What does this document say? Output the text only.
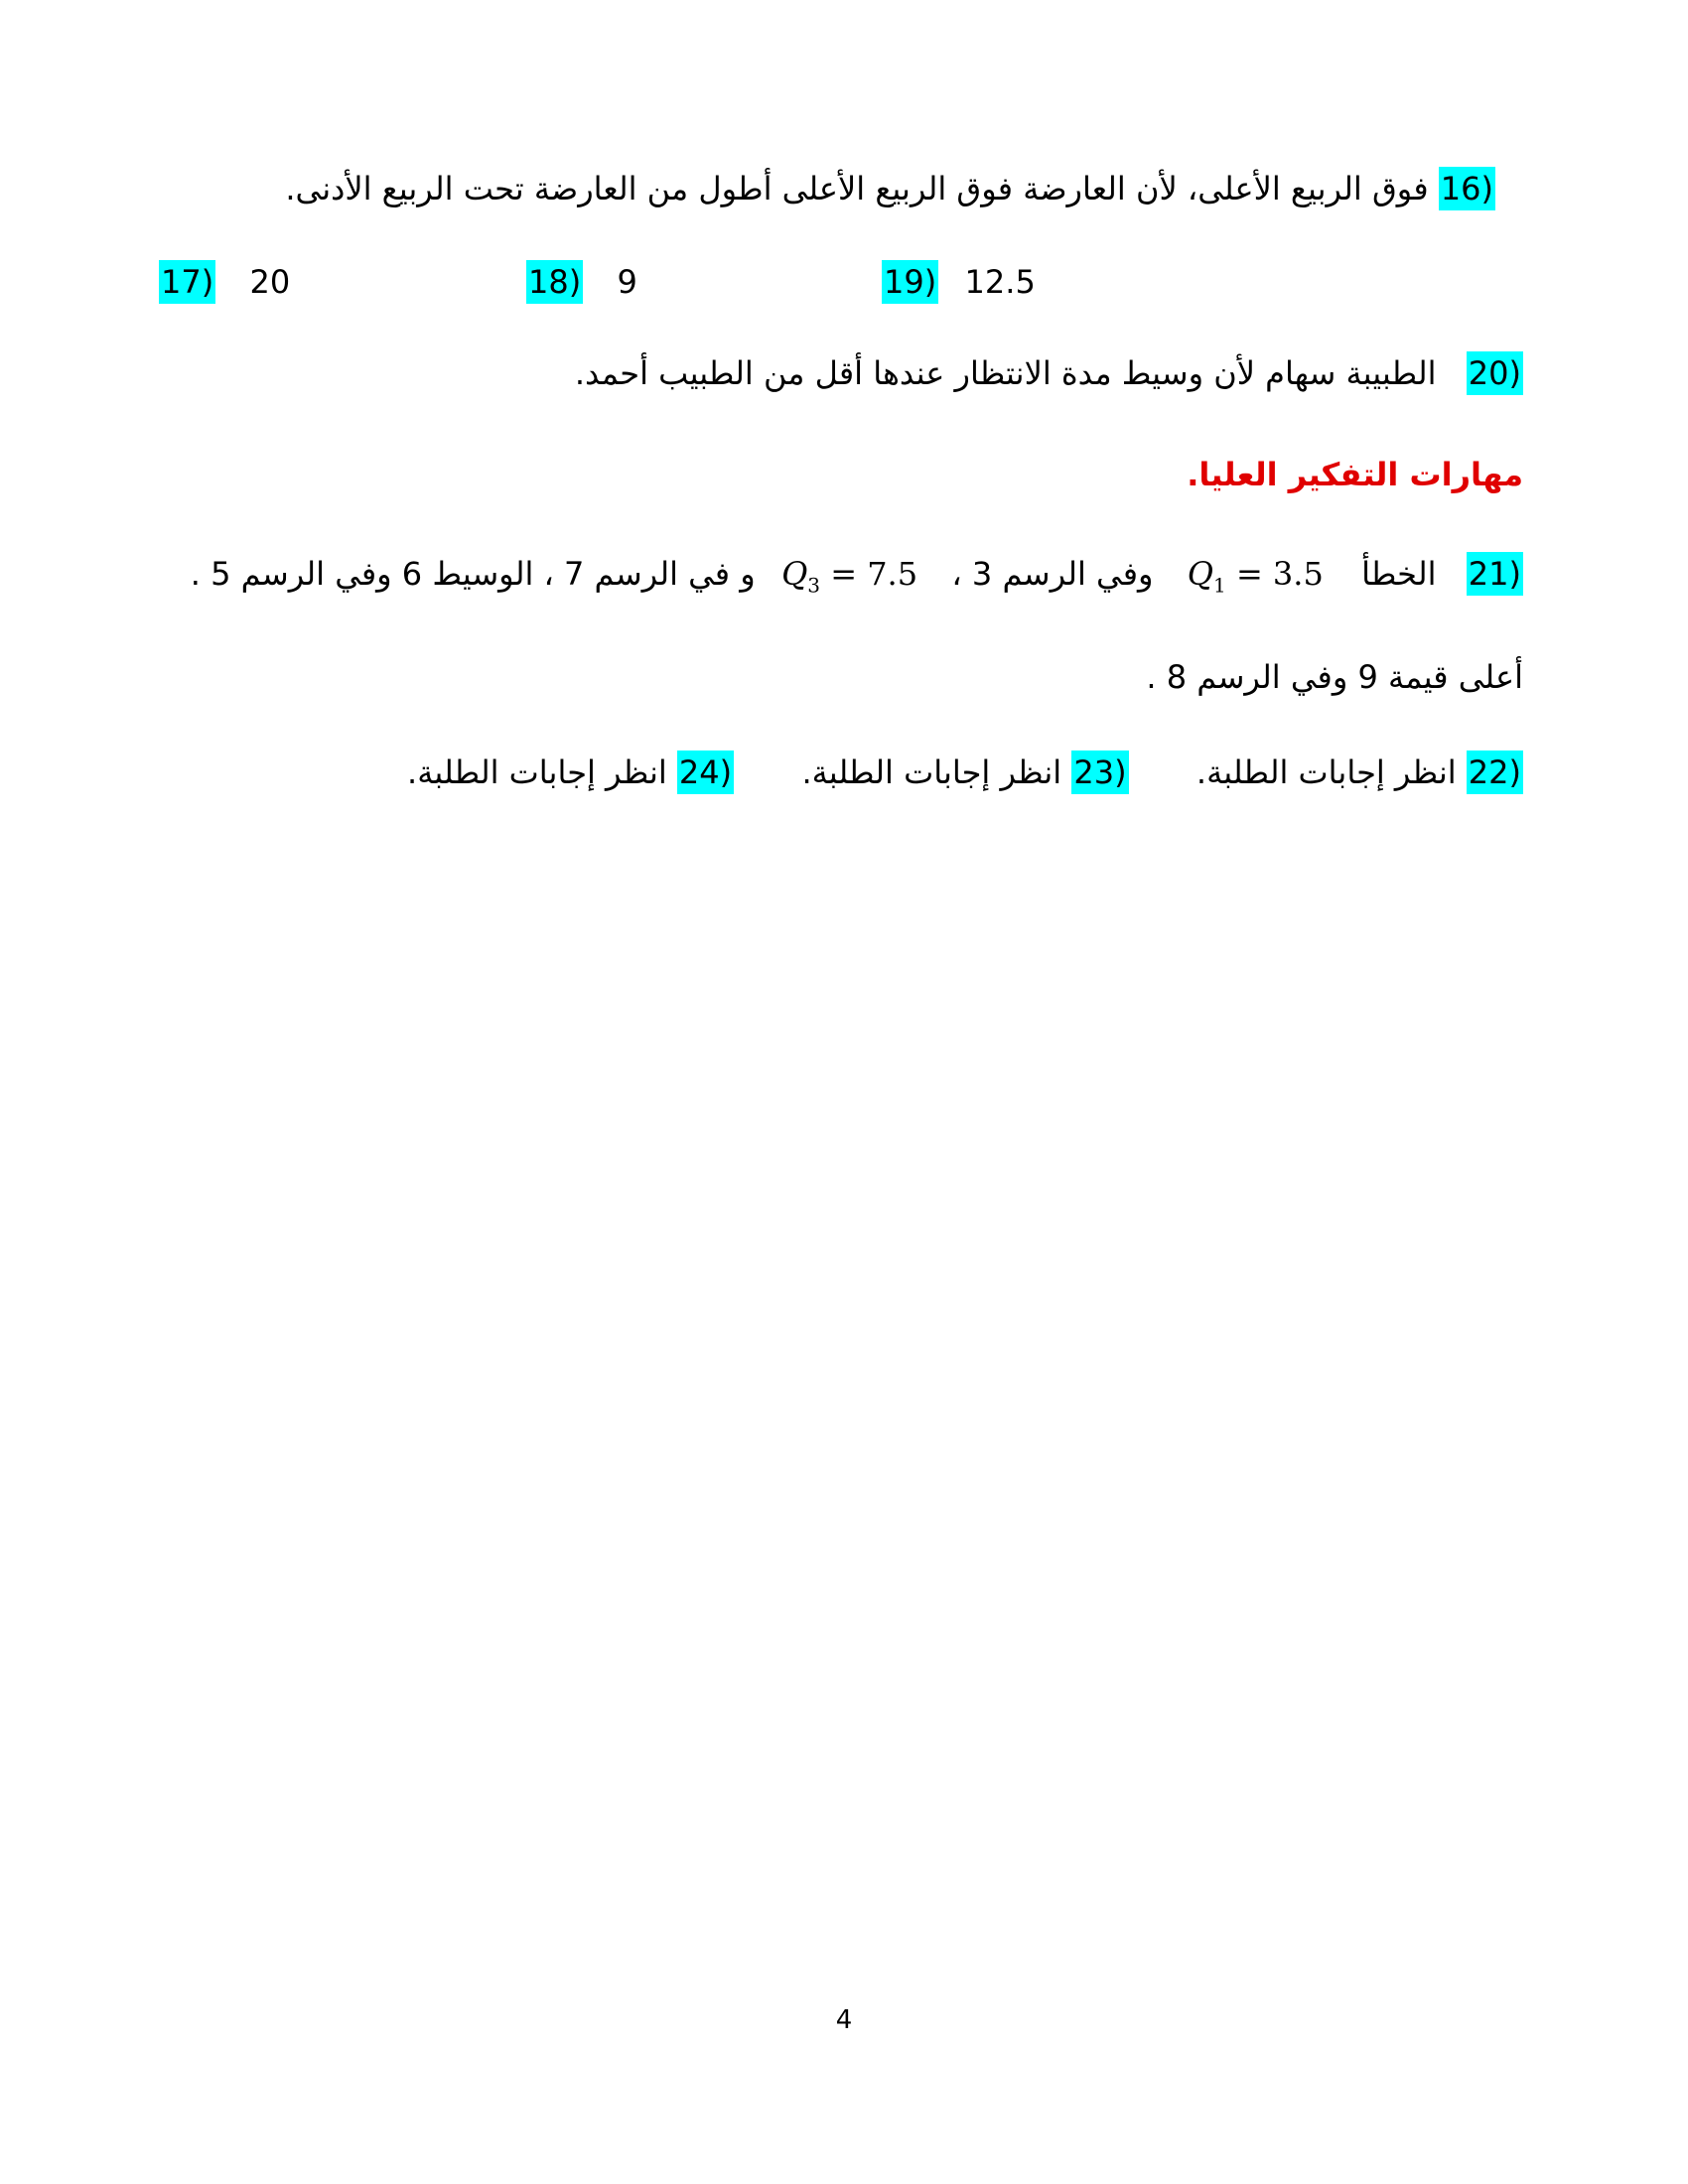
16) فوق الربيع الأعلى، لأن العارضة فوق الربيع الأعلى أطول من العارضة تحت الربيع الأدنى.
17) 20	18) 9	19) 12.5
20)  الطبيبة سهام لأن وسيط مدة الانتظار عندها أقل من الطبيب أحمد.
مهارات التفكير العليا.
21)  الخطأ  $Q_1 = 3.5$  وفي الرسم 3 ،  $Q_3 = 7.5$  و في الرسم 7 ، الوسيط 6 وفي الرسم 5 .
أعلى قيمة 9 وفي الرسم 8 .
22) انظر إجابات الطلبة.  23) انظر إجابات الطلبة.  24) انظر إجابات الطلبة.
4
